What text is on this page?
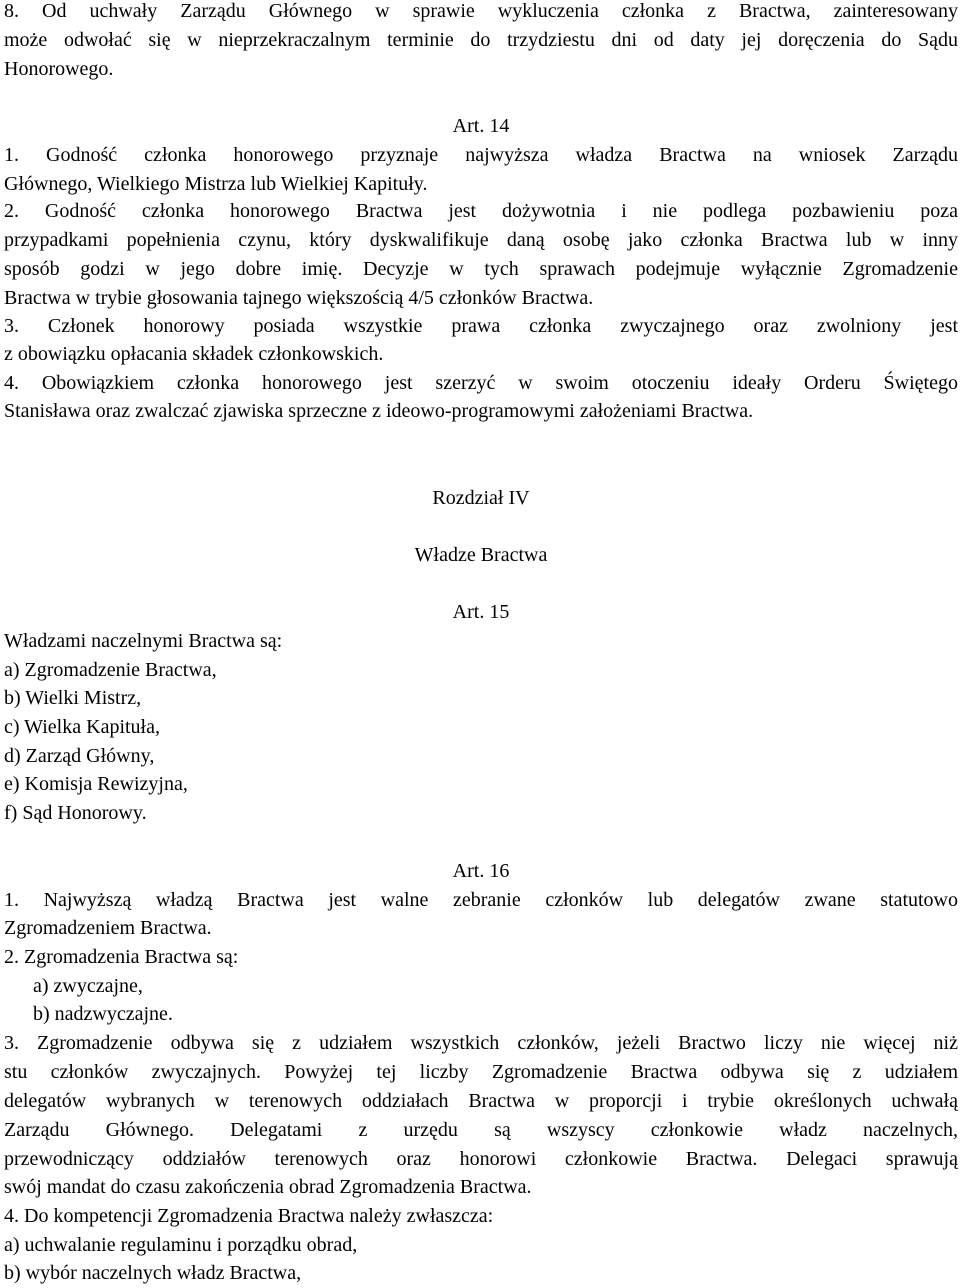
8. Od uchwały Zarządu Głównego w sprawie wykluczenia członka z Bractwa, zainteresowany
może odwołać się w nieprzekraczalnym terminie do trzydziestu dni od daty jej doręczenia do Sądu
Honorowego.
Art. 14
1. Godność członka honorowego przyznaje najwyższa władza Bractwa na wniosek Zarządu
Głównego, Wielkiego Mistrza lub Wielkiej Kapituły.
2. Godność członka honorowego Bractwa jest dożywotnia i nie podlega pozbawieniu poza
przypadkami popełnienia czynu, który dyskwalifikuje daną osobę jako członka Bractwa lub w inny
sposób godzi w jego dobre imię. Decyzje w tych sprawach podejmuje wyłącznie Zgromadzenie
Bractwa w trybie głosowania tajnego większością 4/5 członków Bractwa.
3. Członek honorowy posiada wszystkie prawa członka zwyczajnego oraz zwolniony jest
z obowiązku opłacania składek członkowskich.
4. Obowiązkiem członka honorowego jest szerzyć w swoim otoczeniu ideały Orderu Świętego
Stanisława oraz zwalczać zjawiska sprzeczne z ideowo-programowymi założeniami Bractwa.
Rozdział IV
Władze Bractwa
Art. 15
Władzami naczelnymi Bractwa są:
a) Zgromadzenie Bractwa,
b) Wielki Mistrz,
c) Wielka Kapituła,
d) Zarząd Główny,
e) Komisja Rewizyjna,
f) Sąd Honorowy.
Art. 16
1. Najwyższą władzą Bractwa jest walne zebranie członków lub delegatów zwane statutowo
Zgromadzeniem Bractwa.
2. Zgromadzenia Bractwa są:
a) zwyczajne,
b) nadzwyczajne.
3. Zgromadzenie odbywa się z udziałem wszystkich członków, jeżeli Bractwo liczy nie więcej niż
stu członków zwyczajnych. Powyżej tej liczby Zgromadzenie Bractwa odbywa się z udziałem
delegatów wybranych w terenowych oddziałach Bractwa w proporcji i trybie określonych uchwałą
Zarządu Głównego. Delegatami z urzędu są wszyscy członkowie władz naczelnych,
przewodniczący oddziałów terenowych oraz honorowi członkowie Bractwa. Delegaci sprawują
swój mandat do czasu zakończenia obrad Zgromadzenia Bractwa.
4. Do kompetencji Zgromadzenia Bractwa należy zwłaszcza:
a) uchwalanie regulaminu i porządku obrad,
b) wybór naczelnych władz Bractwa,
